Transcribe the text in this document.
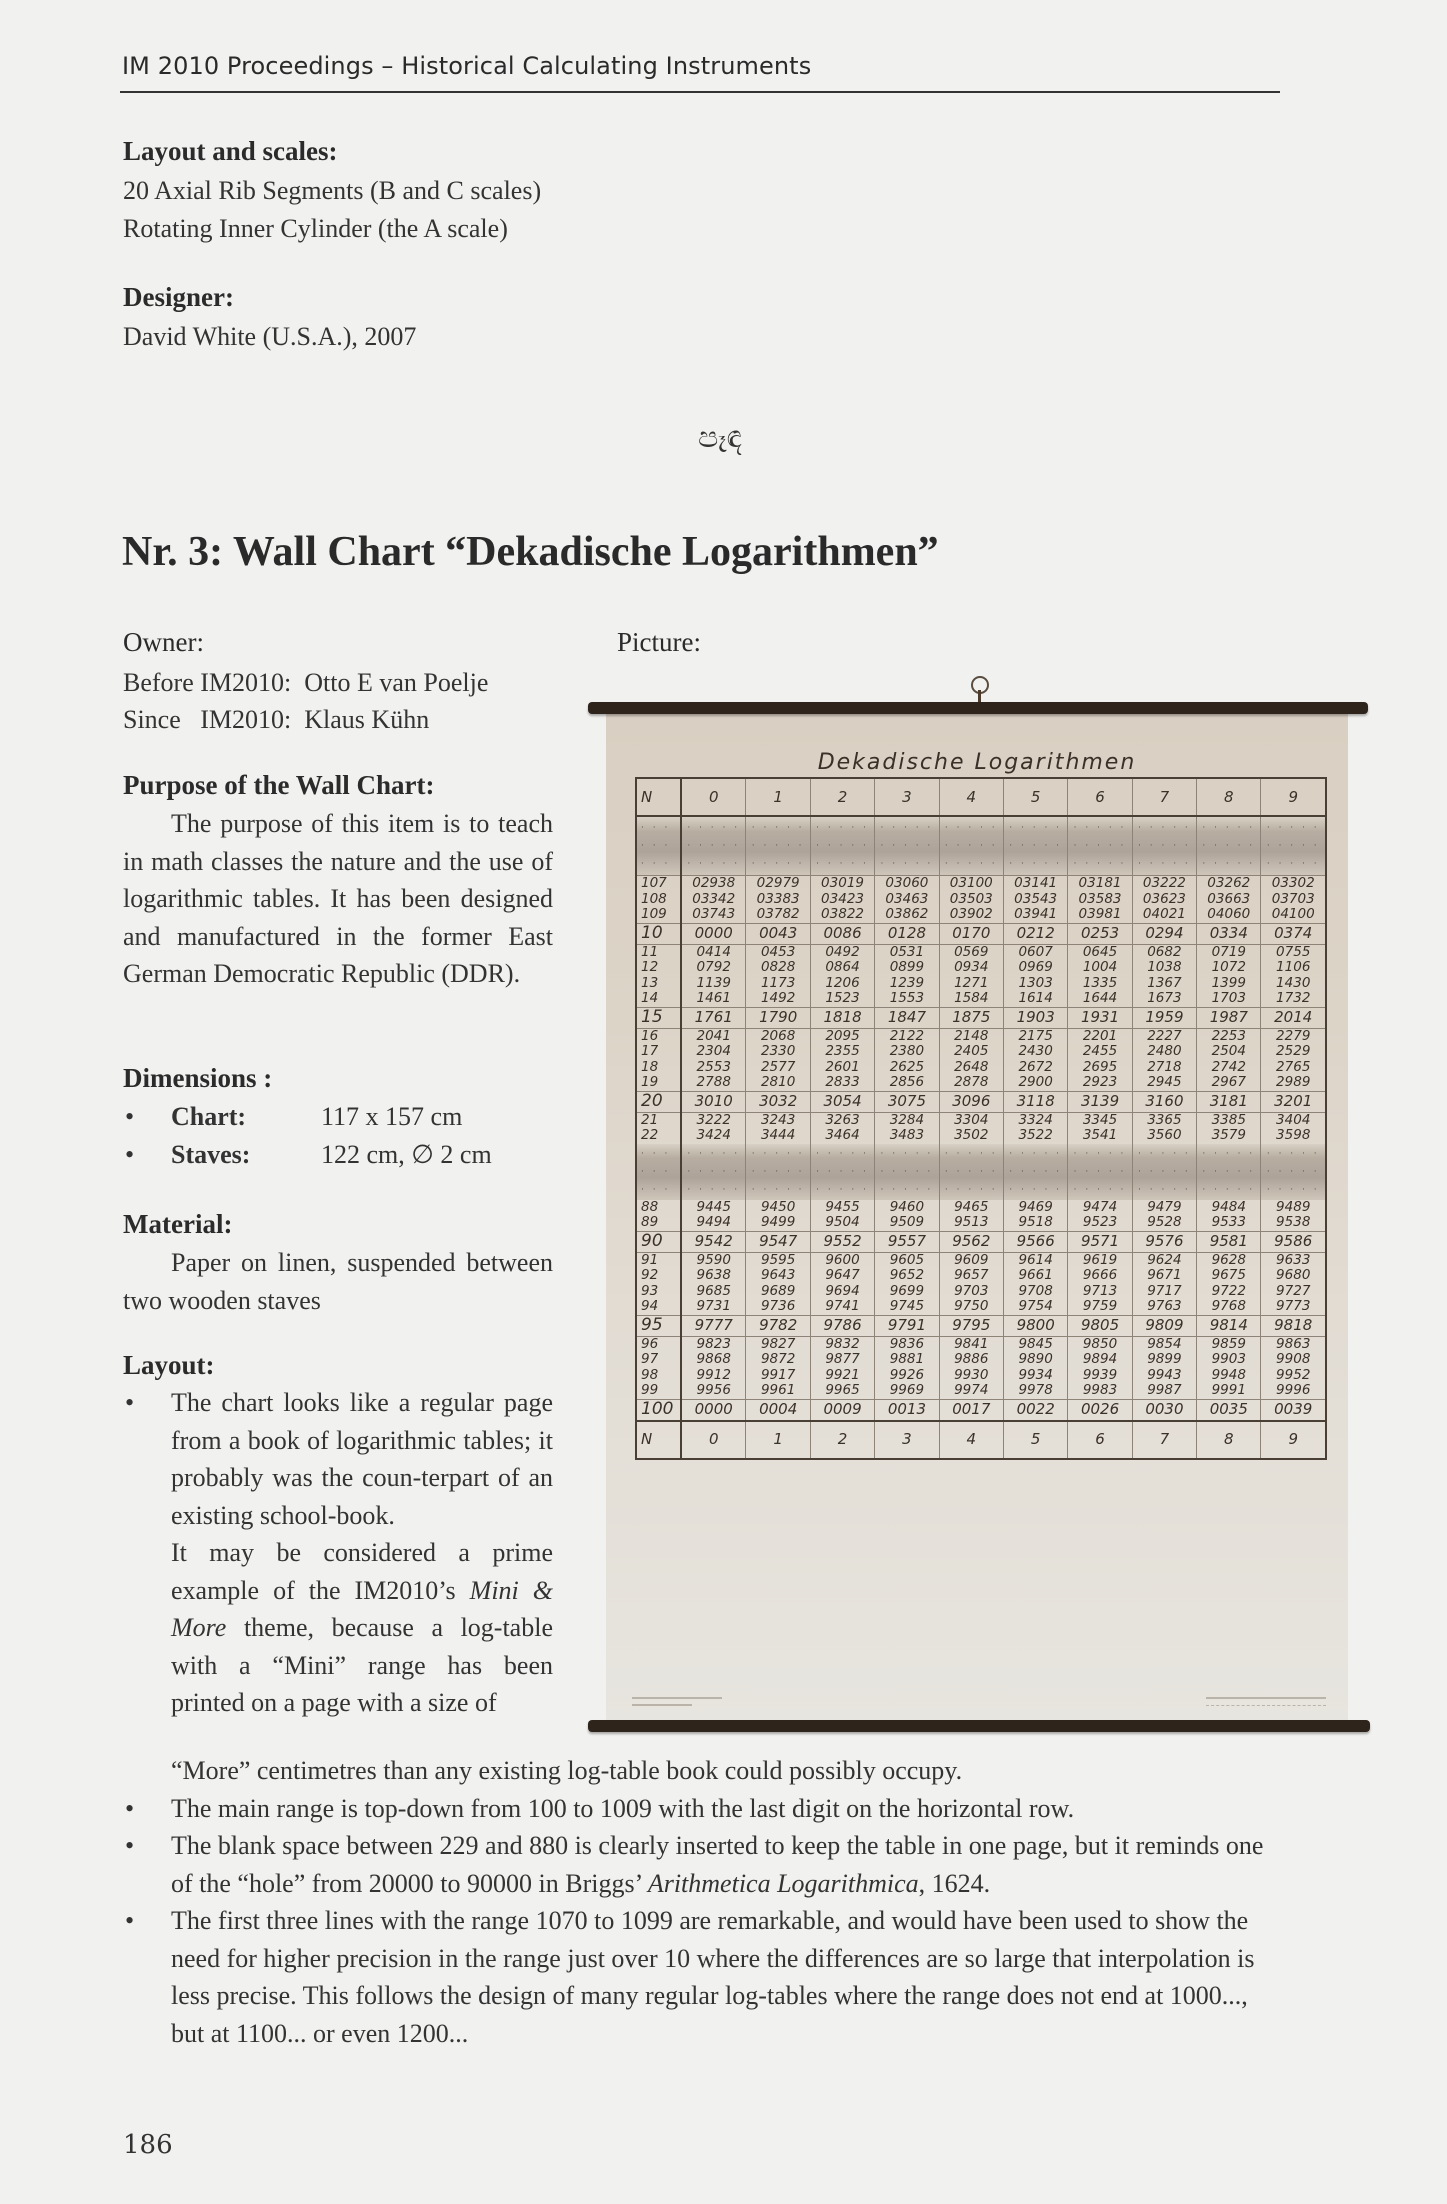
IM 2010 Proceedings – Historical Calculating Instruments
Layout and scales:
20 Axial Rib Segments (B and C scales)
Rotating Inner Cylinder (the A scale)
Designer:
David White (U.S.A.), 2007
පෑඳ
Nr. 3: Wall Chart “Dekadische Logarithmen”
Owner:
Before IM2010:  Otto E van Poelje
Since   IM2010:  Klaus Kühn
Picture:
Purpose of the Wall Chart:
The purpose of this item is to teach in math classes the nature and the use of logarithmic tables. It has been designed and manufactured in the former East German Democratic Republic (DDR).
Dimensions :
• Chart:	117 x 157 cm
• Staves:	122 cm, ∅ 2 cm
Material:
Paper on linen, suspended between two wooden staves
Layout:
• The chart looks like a regular page from a book of logarithmic tables; it probably was the coun-terpart of an existing school-book.
It may be considered a prime example of the IM2010’s Mini & More theme, because a log-table with a “Mini” range has been printed on a page with a size of
“More” centimetres than any existing log-table book could possibly occupy.
• The main range is top-down from 100 to 1009 with the last digit on the horizontal row.
• The blank space between 229 and 880 is clearly inserted to keep the table in one page, but it reminds one of the “hole” from 20000 to 90000 in Briggs’ Arithmetica Logarithmica, 1624.
• The first three lines with the range 1070 to 1099 are remarkable, and would have been used to show the need for higher precision in the range just over 10 where the differences are so large that interpolation is less precise. This follows the design of many regular log-tables where the range does not end at 1000..., but at 1100... or even 1200...
Dekadische Logarithmen
N	0	1	2	3	4	5	6	7	8	9

· · ·
· · ·
· · ·	· · · · ·
· · · · ·
· · · · ·	· · · · ·
· · · · ·
· · · · ·	· · · · ·
· · · · ·
· · · · ·	· · · · ·
· · · · ·
· · · · ·	· · · · ·
· · · · ·
· · · · ·	· · · · ·
· · · · ·
· · · · ·	· · · · ·
· · · · ·
· · · · ·	· · · · ·
· · · · ·
· · · · ·	· · · · ·
· · · · ·
· · · · ·	· · · · ·
· · · · ·
· · · · ·

107	02938	02979	03019	03060	03100	03141	03181	03222	03262	03302
108	03342	03383	03423	03463	03503	03543	03583	03623	03663	03703
109	03743	03782	03822	03862	03902	03941	03981	04021	04060	04100
10	0000	0043	0086	0128	0170	0212	0253	0294	0334	0374
11	0414	0453	0492	0531	0569	0607	0645	0682	0719	0755
12	0792	0828	0864	0899	0934	0969	1004	1038	1072	1106
13	1139	1173	1206	1239	1271	1303	1335	1367	1399	1430
14	1461	1492	1523	1553	1584	1614	1644	1673	1703	1732
15	1761	1790	1818	1847	1875	1903	1931	1959	1987	2014
16	2041	2068	2095	2122	2148	2175	2201	2227	2253	2279
17	2304	2330	2355	2380	2405	2430	2455	2480	2504	2529
18	2553	2577	2601	2625	2648	2672	2695	2718	2742	2765
19	2788	2810	2833	2856	2878	2900	2923	2945	2967	2989
20	3010	3032	3054	3075	3096	3118	3139	3160	3181	3201
21	3222	3243	3263	3284	3304	3324	3345	3365	3385	3404
22	3424	3444	3464	3483	3502	3522	3541	3560	3579	3598

· · ·
· · ·
· · ·	· · · · ·
· · · · ·
· · · · ·	· · · · ·
· · · · ·
· · · · ·	· · · · ·
· · · · ·
· · · · ·	· · · · ·
· · · · ·
· · · · ·	· · · · ·
· · · · ·
· · · · ·	· · · · ·
· · · · ·
· · · · ·	· · · · ·
· · · · ·
· · · · ·	· · · · ·
· · · · ·
· · · · ·	· · · · ·
· · · · ·
· · · · ·	· · · · ·
· · · · ·
· · · · ·

88	9445	9450	9455	9460	9465	9469	9474	9479	9484	9489
89	9494	9499	9504	9509	9513	9518	9523	9528	9533	9538
90	9542	9547	9552	9557	9562	9566	9571	9576	9581	9586
91	9590	9595	9600	9605	9609	9614	9619	9624	9628	9633
92	9638	9643	9647	9652	9657	9661	9666	9671	9675	9680
93	9685	9689	9694	9699	9703	9708	9713	9717	9722	9727
94	9731	9736	9741	9745	9750	9754	9759	9763	9768	9773
95	9777	9782	9786	9791	9795	9800	9805	9809	9814	9818
96	9823	9827	9832	9836	9841	9845	9850	9854	9859	9863
97	9868	9872	9877	9881	9886	9890	9894	9899	9903	9908
98	9912	9917	9921	9926	9930	9934	9939	9943	9948	9952
99	9956	9961	9965	9969	9974	9978	9983	9987	9991	9996
100	0000	0004	0009	0013	0017	0022	0026	0030	0035	0039
N	0	1	2	3	4	5	6	7	8	9
186
